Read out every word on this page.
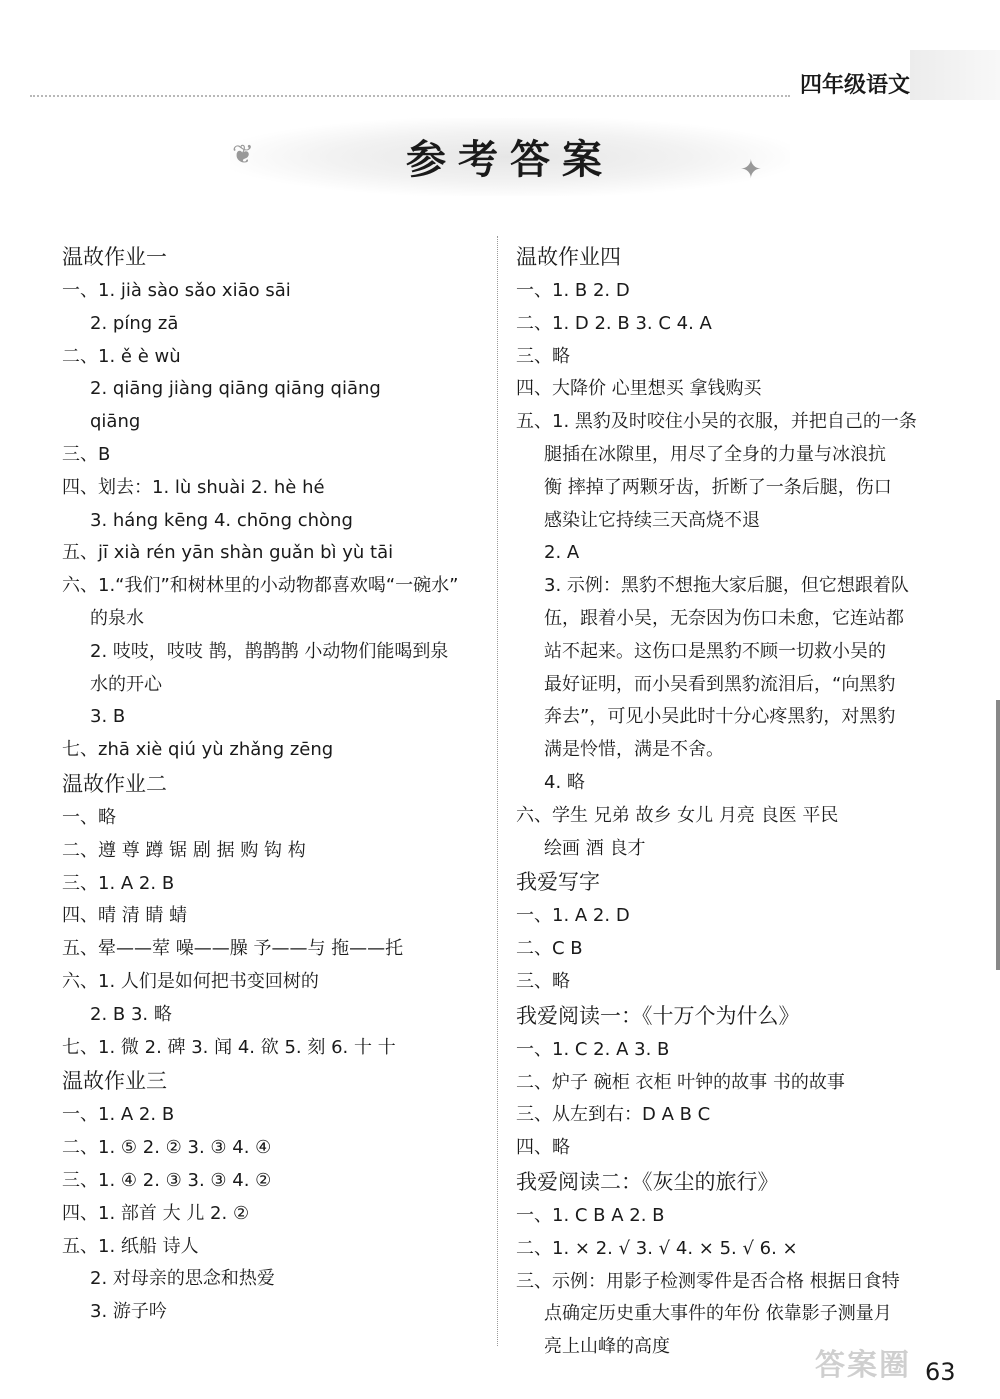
四年级语文
❦	✦
参考答案
温故作业一
一、1. jià sào sǎo xiāo sāi
2. píng zā
二、1. ě è wù
2. qiāng jiàng qiāng qiāng qiāng
qiāng
三、B
四、划去：1. lù shuài 2. hè hé
3. háng kēng 4. chōng chòng
五、jī xià rén yān shàn guǎn bì yù tāi
六、1.“我们”和树林里的小动物都喜欢喝“一碗水”
的泉水
2. 吱吱，吱吱 鹊，鹊鹊鹊 小动物们能喝到泉
水的开心
3. B
七、zhā xiè qiú yù zhǎng zēng
温故作业二
一、略
二、遵 尊 蹲 锯 剧 据 购 钩 构
三、1. A 2. B
四、晴 清 睛 蜻
五、晕——荤 噪——臊 予——与 拖——托
六、1. 人们是如何把书变回树的
2. B 3. 略
七、1. 微 2. 碑 3. 闻 4. 欲 5. 刻 6. 十 十
温故作业三
一、1. A 2. B
二、1. ⑤ 2. ② 3. ③ 4. ④
三、1. ④ 2. ③ 3. ③ 4. ②
四、1. 部首 大 儿 2. ②
五、1. 纸船 诗人
2. 对母亲的思念和热爱
3. 游子吟
温故作业四
一、1. B 2. D
二、1. D 2. B 3. C 4. A
三、略
四、大降价 心里想买 拿钱购买
五、1. 黑豹及时咬住小吴的衣服，并把自己的一条
腿插在冰隙里，用尽了全身的力量与冰浪抗
衡 摔掉了两颗牙齿，折断了一条后腿，伤口
感染让它持续三天高烧不退
2. A
3. 示例：黑豹不想拖大家后腿，但它想跟着队
伍，跟着小吴，无奈因为伤口未愈，它连站都
站不起来。这伤口是黑豹不顾一切救小吴的
最好证明，而小吴看到黑豹流泪后，“向黑豹
奔去”，可见小吴此时十分心疼黑豹，对黑豹
满是怜惜，满是不舍。
4. 略
六、学生 兄弟 故乡 女儿 月亮 良医 平民
绘画 酒 良才
我爱写字
一、1. A 2. D
二、C B
三、略
我爱阅读一：《十万个为什么》
一、1. C 2. A 3. B
二、炉子 碗柜 衣柜 叶钟的故事 书的故事
三、从左到右：D A B C
四、略
我爱阅读二：《灰尘的旅行》
一、1. C B A 2. B
二、1. × 2. √ 3. √ 4. × 5. √ 6. ×
三、示例：用影子检测零件是否合格 根据日食特
点确定历史重大事件的年份 依靠影子测量月
亮上山峰的高度
答案圈 63
